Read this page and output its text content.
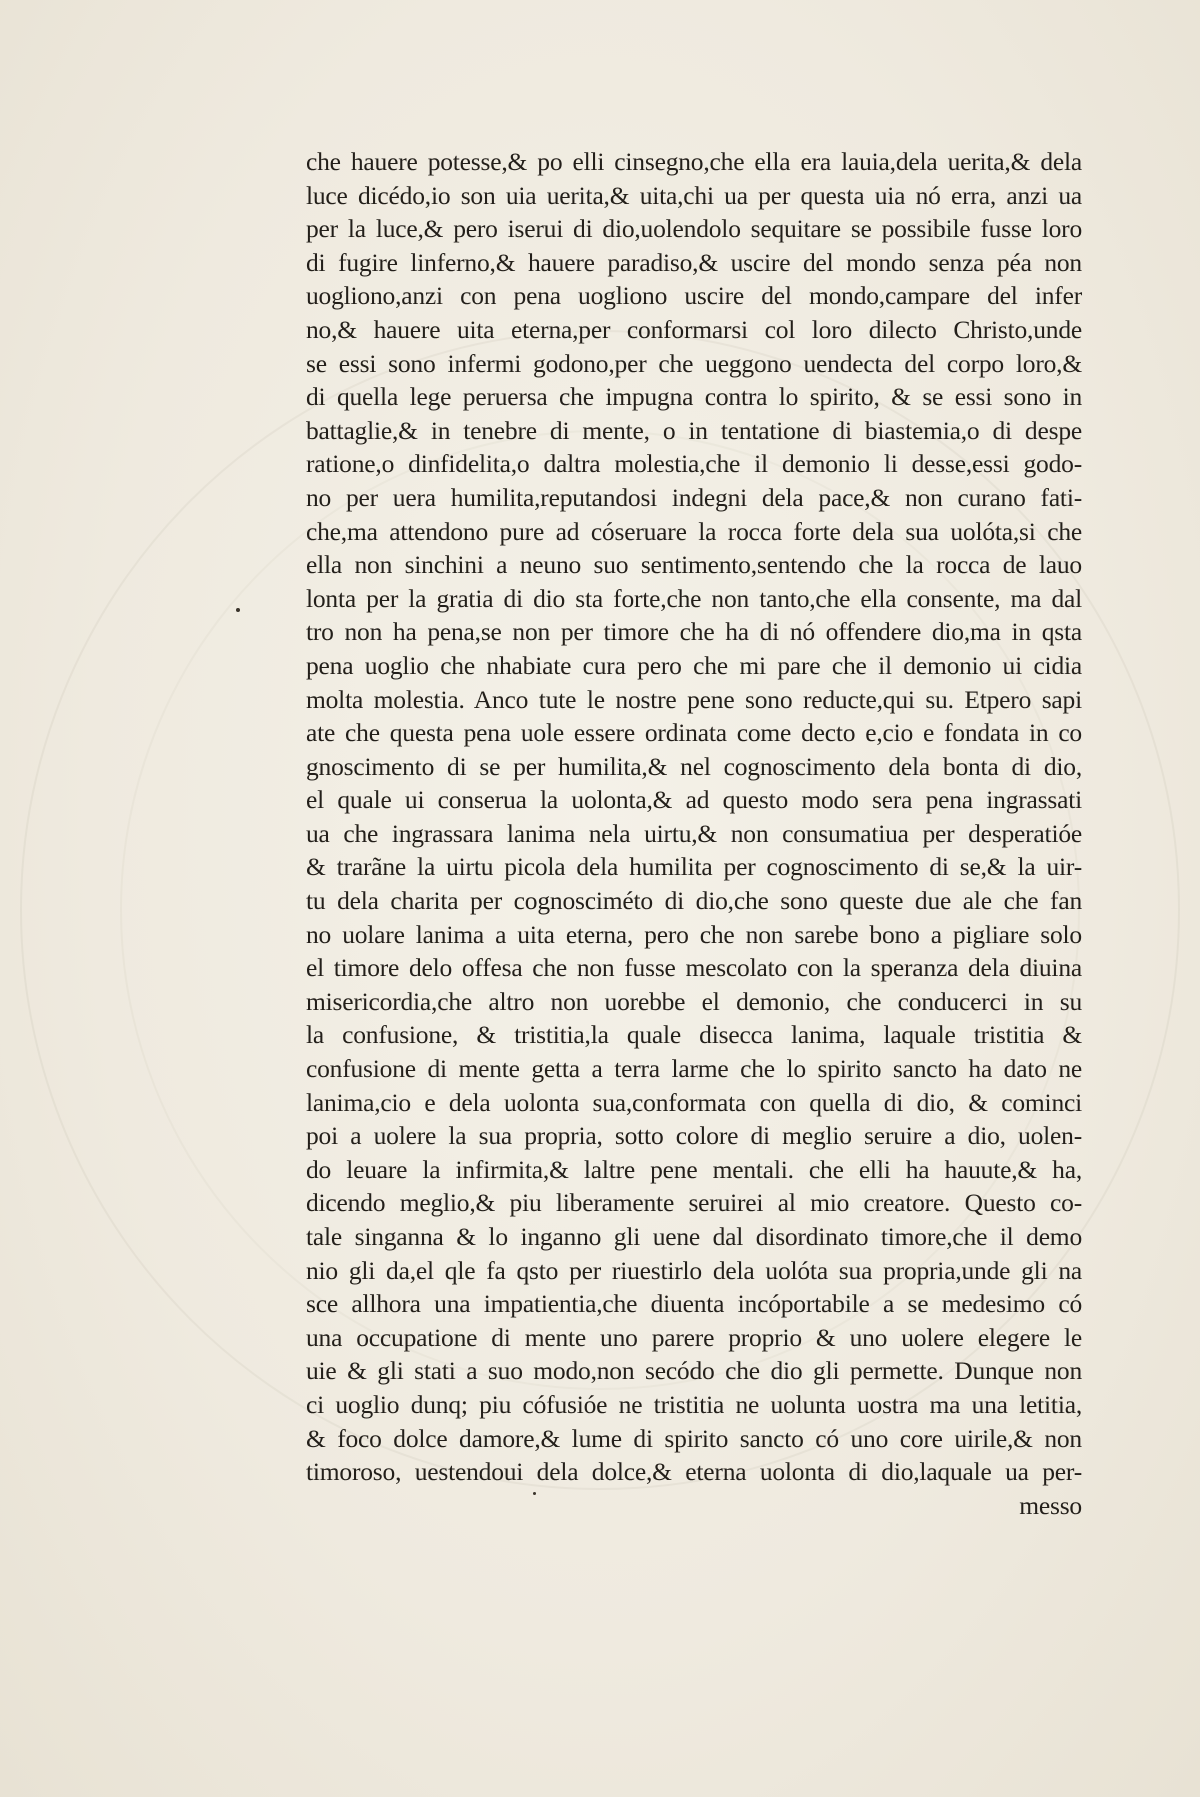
che hauere potesse,& po elli cinsegno,che ella era lauia,dela uerita,& dela
luce dicédo,io son uia uerita,& uita,chi ua per questa uia nó erra, anzi ua
per la luce,& pero iserui di dio,uolendolo sequitare se possibile fusse loro
di fugire linferno,& hauere paradiso,& uscire del mondo senza péa non
uogliono,anzi con pena uogliono uscire del mondo,campare del infer
no,& hauere uita eterna,per conformarsi col loro dilecto Christo,unde
se essi sono infermi godono,per che ueggono uendecta del corpo loro,&
di quella lege peruersa che impugna contra lo spirito, & se essi sono in
battaglie,& in tenebre di mente, o in tentatione di biastemia,o di despe
ratione,o dinfidelita,o daltra molestia,che il demonio li desse,essi godo-
no per uera humilita,reputandosi indegni dela pace,& non curano fati-
che,ma attendono pure ad cóseruare la rocca forte dela sua uolóta,si che
ella non sinchini a neuno suo sentimento,sentendo che la rocca de lauo
lonta per la gratia di dio sta forte,che non tanto,che ella consente, ma dal
tro non ha pena,se non per timore che ha di nó offendere dio,ma in qsta
pena uoglio che nhabiate cura pero che mi pare che il demonio ui cidia
molta molestia. Anco tute le nostre pene sono reducte,qui su. Etpero sapi
ate che questa pena uole essere ordinata come decto e,cio e fondata in co
gnoscimento di se per humilita,& nel cognoscimento dela bonta di dio,
el quale ui conserua la uolonta,& ad questo modo sera pena ingrassati
ua che ingrassara lanima nela uirtu,& non consumatiua per desperatióe
& trarãne la uirtu picola dela humilita per cognoscimento di se,& la uir-
tu dela charita per cognosciméto di dio,che sono queste due ale che fan
no uolare lanima a uita eterna, pero che non sarebe bono a pigliare solo
el timore delo offesa che non fusse mescolato con la speranza dela diuina
misericordia,che altro non uorebbe el demonio, che conducerci in su
la confusione, & tristitia,la quale disecca lanima, laquale tristitia &
confusione di mente getta a terra larme che lo spirito sancto ha dato ne
lanima,cio e dela uolonta sua,conformata con quella di dio, & cominci
poi a uolere la sua propria, sotto colore di meglio seruire a dio, uolen-
do leuare la infirmita,& laltre pene mentali. che elli ha hauute,& ha,
dicendo meglio,& piu liberamente seruirei al mio creatore. Questo co-
tale singanna & lo inganno gli uene dal disordinato timore,che il demo
nio gli da,el qle fa qsto per riuestirlo dela uolóta sua propria,unde gli na
sce allhora una impatientia,che diuenta incóportabile a se medesimo có
una occupatione di mente uno parere proprio & uno uolere elegere le
uie & gli stati a suo modo,non secódo che dio gli permette. Dunque non
ci uoglio dunq; piu cófusióe ne tristitia ne uolunta uostra ma una letitia,
& foco dolce damore,& lume di spirito sancto có uno core uirile,& non
timoroso, uestendoui dela dolce,& eterna uolonta di dio,laquale ua per-
messo
